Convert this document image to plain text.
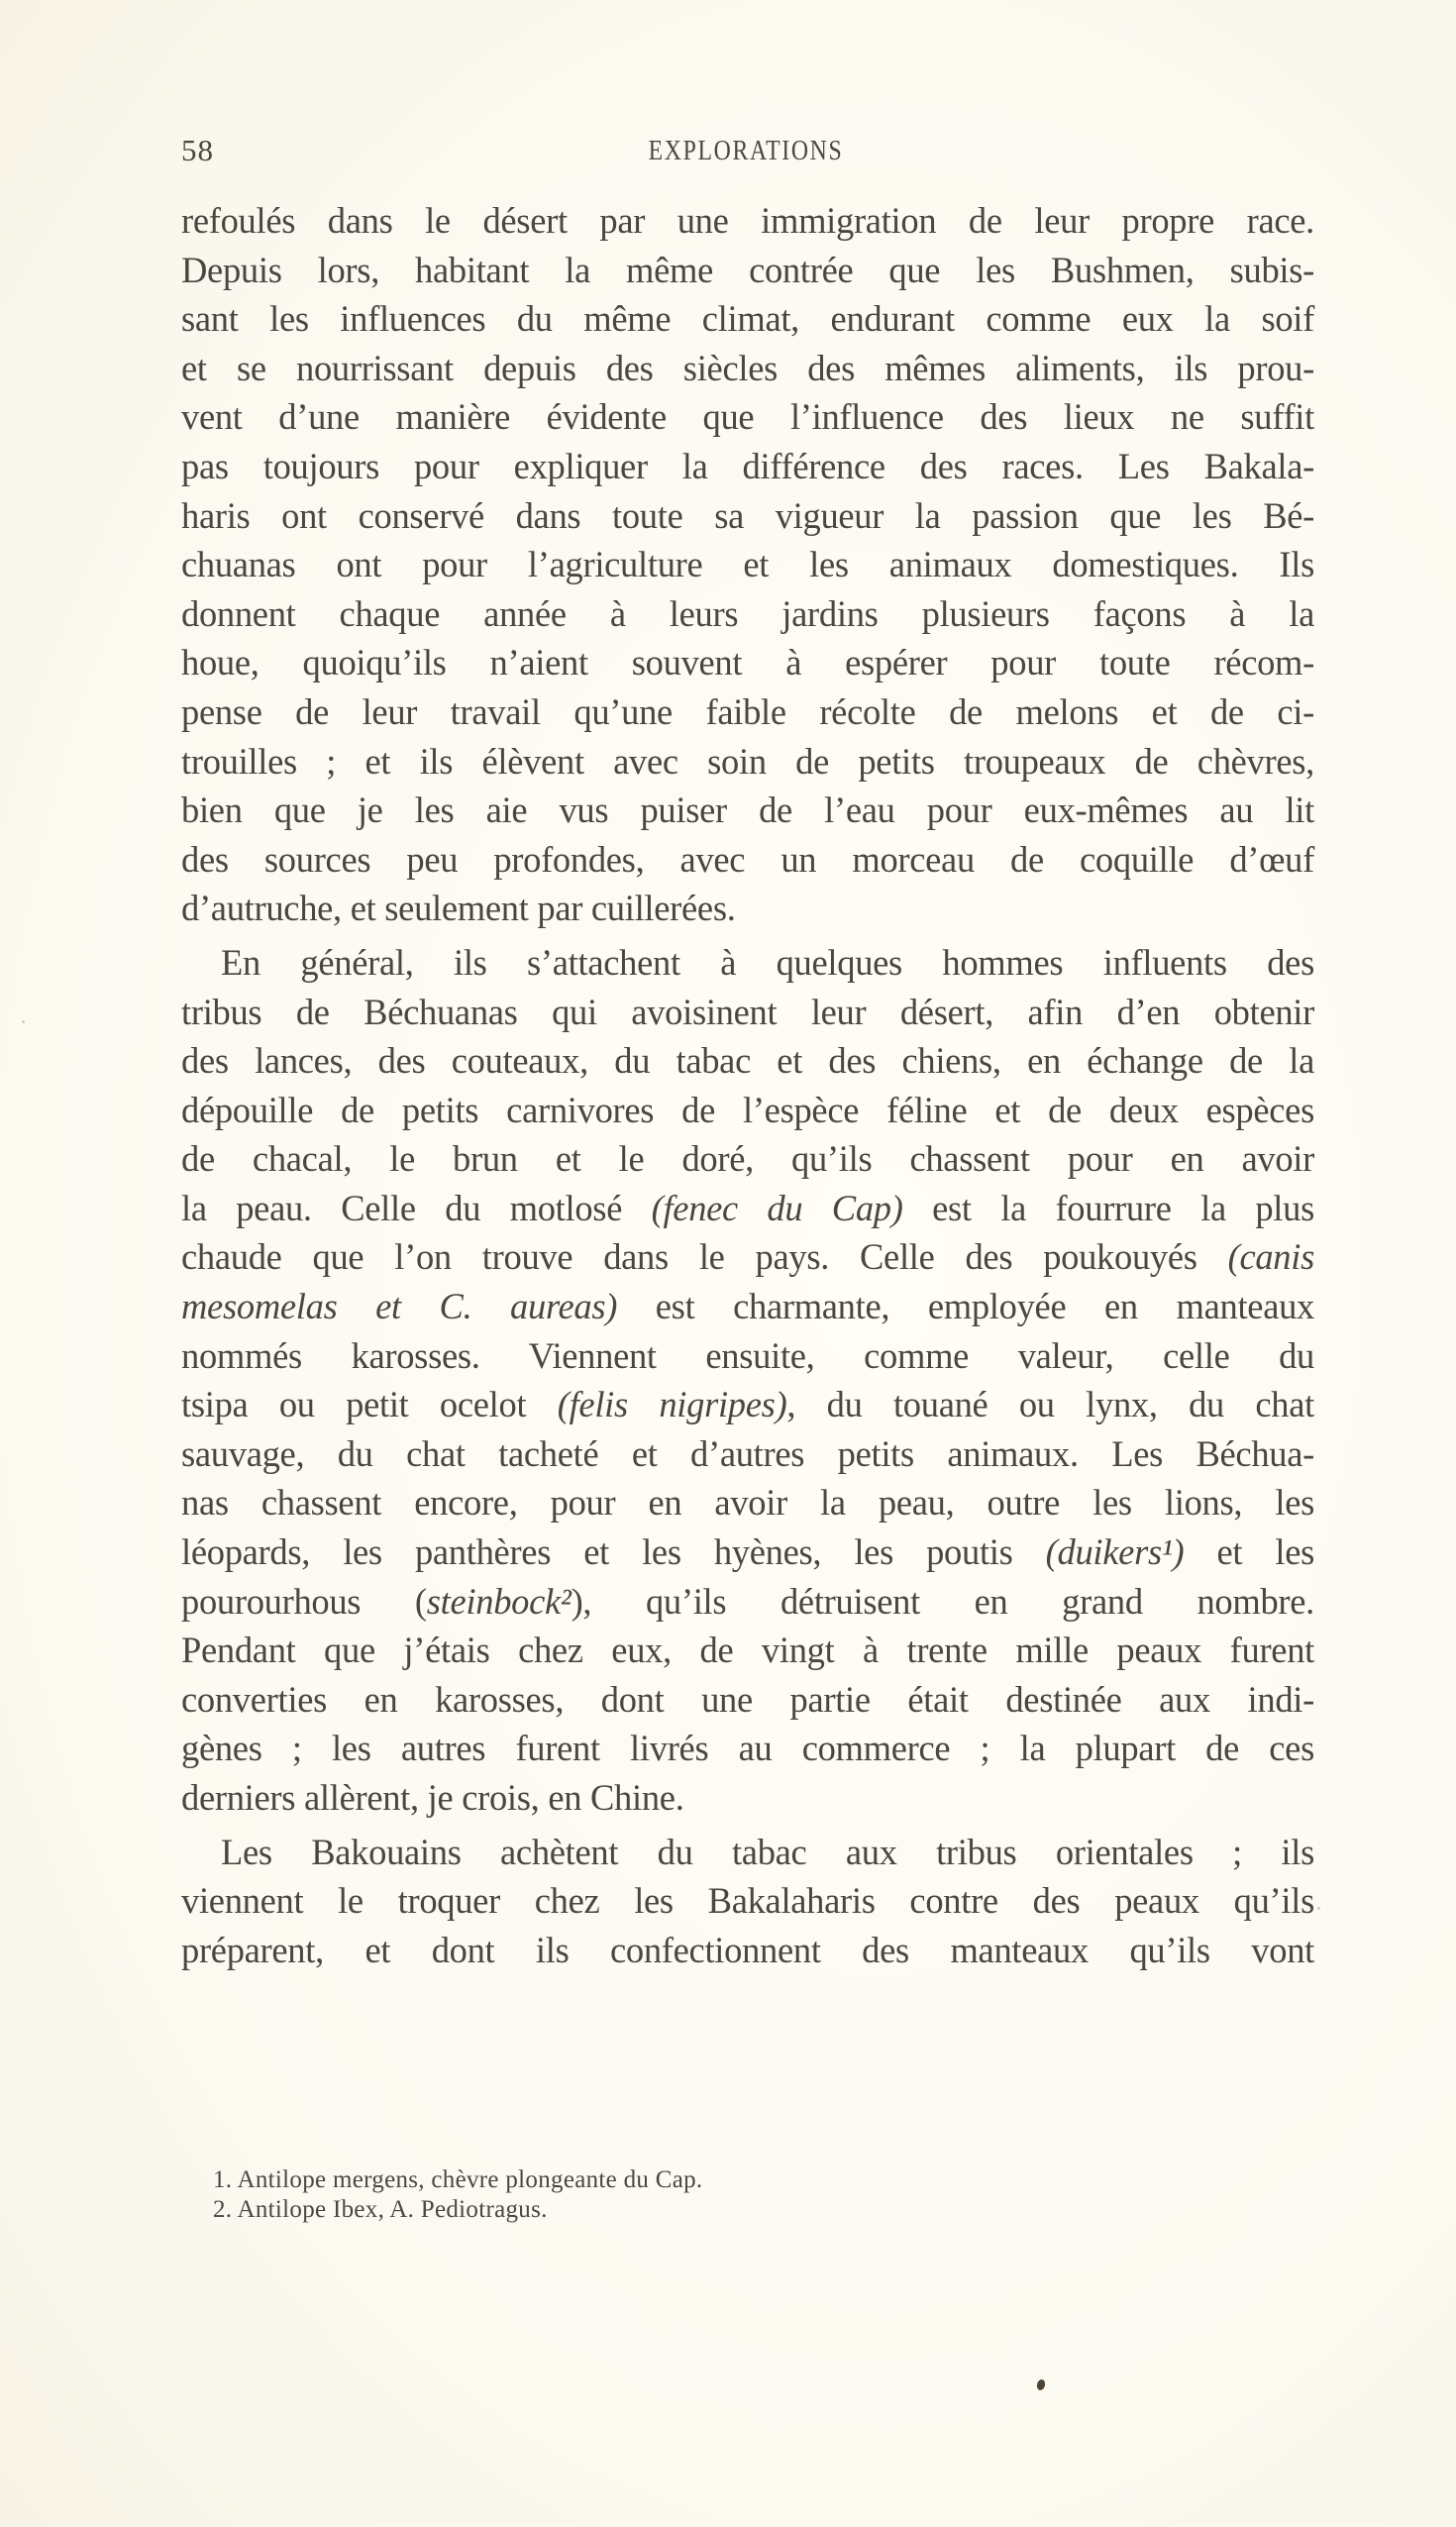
58	EXPLORATIONS
refoulés dans le désert par une immigration de leur propre race.
Depuis lors, habitant la même contrée que les Bushmen, subis-
sant les influences du même climat, endurant comme eux la soif
et se nourrissant depuis des siècles des mêmes aliments, ils prou-
vent d’une manière évidente que l’influence des lieux ne suffit
pas toujours pour expliquer la différence des races. Les Bakala-
haris ont conservé dans toute sa vigueur la passion que les Bé-
chuanas ont pour l’agriculture et les animaux domestiques. Ils
donnent chaque année à leurs jardins plusieurs façons à la
houe, quoiqu’ils n’aient souvent à espérer pour toute récom-
pense de leur travail qu’une faible récolte de melons et de ci-
trouilles ; et ils élèvent avec soin de petits troupeaux de chèvres,
bien que je les aie vus puiser de l’eau pour eux-mêmes au lit
des sources peu profondes, avec un morceau de coquille d’œuf
d’autruche, et seulement par cuillerées.
En général, ils s’attachent à quelques hommes influents des
tribus de Béchuanas qui avoisinent leur désert, afin d’en obtenir
des lances, des couteaux, du tabac et des chiens, en échange de la
dépouille de petits carnivores de l’espèce féline et de deux espèces
de chacal, le brun et le doré, qu’ils chassent pour en avoir
la peau. Celle du motlosé (fenec du Cap) est la fourrure la plus
chaude que l’on trouve dans le pays. Celle des poukouyés (canis
mesomelas et C. aureas) est charmante, employée en manteaux
nommés karosses. Viennent ensuite, comme valeur, celle du
tsipa ou petit ocelot (felis nigripes), du touané ou lynx, du chat
sauvage, du chat tacheté et d’autres petits animaux. Les Béchua-
nas chassent encore, pour en avoir la peau, outre les lions, les
léopards, les panthères et les hyènes, les poutis (duikers¹) et les
pourourhous (steinbock²), qu’ils détruisent en grand nombre.
Pendant que j’étais chez eux, de vingt à trente mille peaux furent
converties en karosses, dont une partie était destinée aux indi-
gènes ; les autres furent livrés au commerce ; la plupart de ces
derniers allèrent, je crois, en Chine.
Les Bakouains achètent du tabac aux tribus orientales ; ils
viennent le troquer chez les Bakalaharis contre des peaux qu’ils
préparent, et dont ils confectionnent des manteaux qu’ils vont
1. Antilope mergens, chèvre plongeante du Cap.
2. Antilope Ibex, A. Pediotragus.
